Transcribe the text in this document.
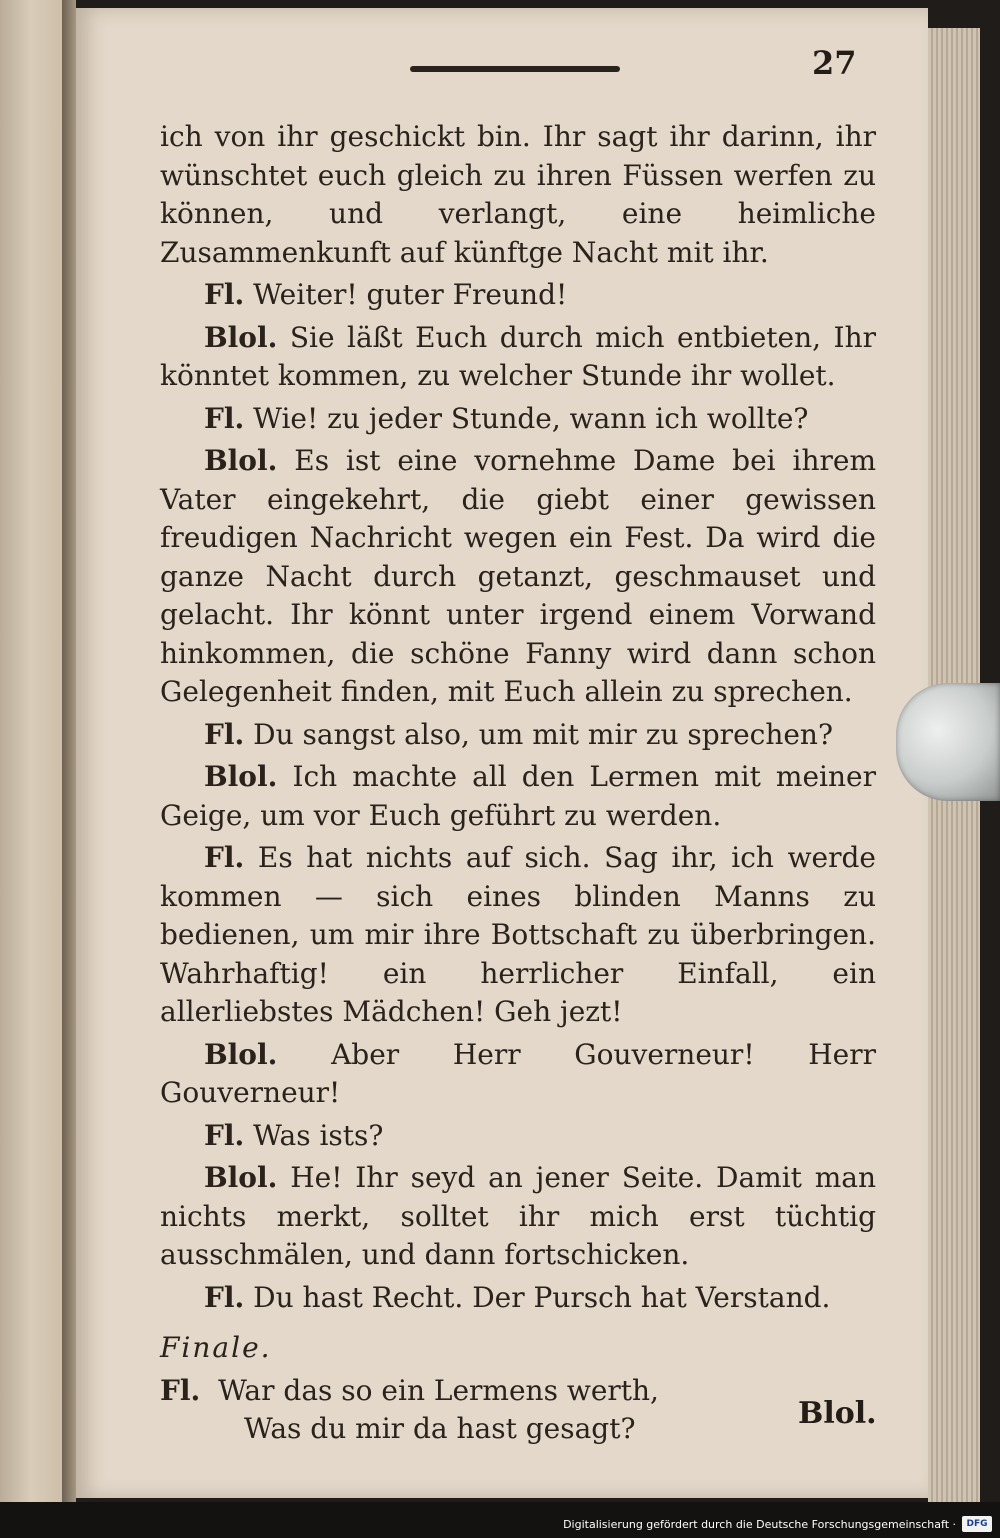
27

ich von ihr geschickt bin. Ihr sagt ihr darinn, ihr wünschtet euch gleich zu ihren Füssen werfen zu können, und verlangt, eine heimliche Zusammenkunft auf künftge Nacht mit ihr.

Fl. Weiter! guter Freund!

Blol. Sie läßt Euch durch mich entbieten, Ihr könntet kommen, zu welcher Stunde ihr wollet.

Fl. Wie! zu jeder Stunde, wann ich wollte?

Blol. Es ist eine vornehme Dame bei ihrem Vater eingekehrt, die giebt einer gewissen freudigen Nachricht wegen ein Fest. Da wird die ganze Nacht durch getanzt, geschmauset und gelacht. Ihr könnt unter irgend einem Vorwand hinkommen, die schöne Fanny wird dann schon Gelegenheit finden, mit Euch allein zu sprechen.

Fl. Du sangst also, um mit mir zu sprechen?

Blol. Ich machte all den Lermen mit meiner Geige, um vor Euch geführt zu werden.

Fl. Es hat nichts auf sich. Sag ihr, ich werde kommen — sich eines blinden Manns zu bedienen, um mir ihre Bottschaft zu überbringen. Wahrhaftig! ein herrlicher Einfall, ein allerliebstes Mädchen! Geh jezt!

Blol. Aber Herr Gouverneur! Herr Gouverneur!

Fl. Was ists?

Blol. He! Ihr seyd an jener Seite. Damit man nichts merkt, solltet ihr mich erst tüchtig ausschmälen, und dann fortschicken.

Fl. Du hast Recht. Der Pursch hat Verstand.

Finale.

Fl. War das so ein Lermens werth,

Was du mir da hast gesagt?	Blol.
Digitalisierung gefördert durch die Deutsche Forschungsgemeinschaft ·	DFG
